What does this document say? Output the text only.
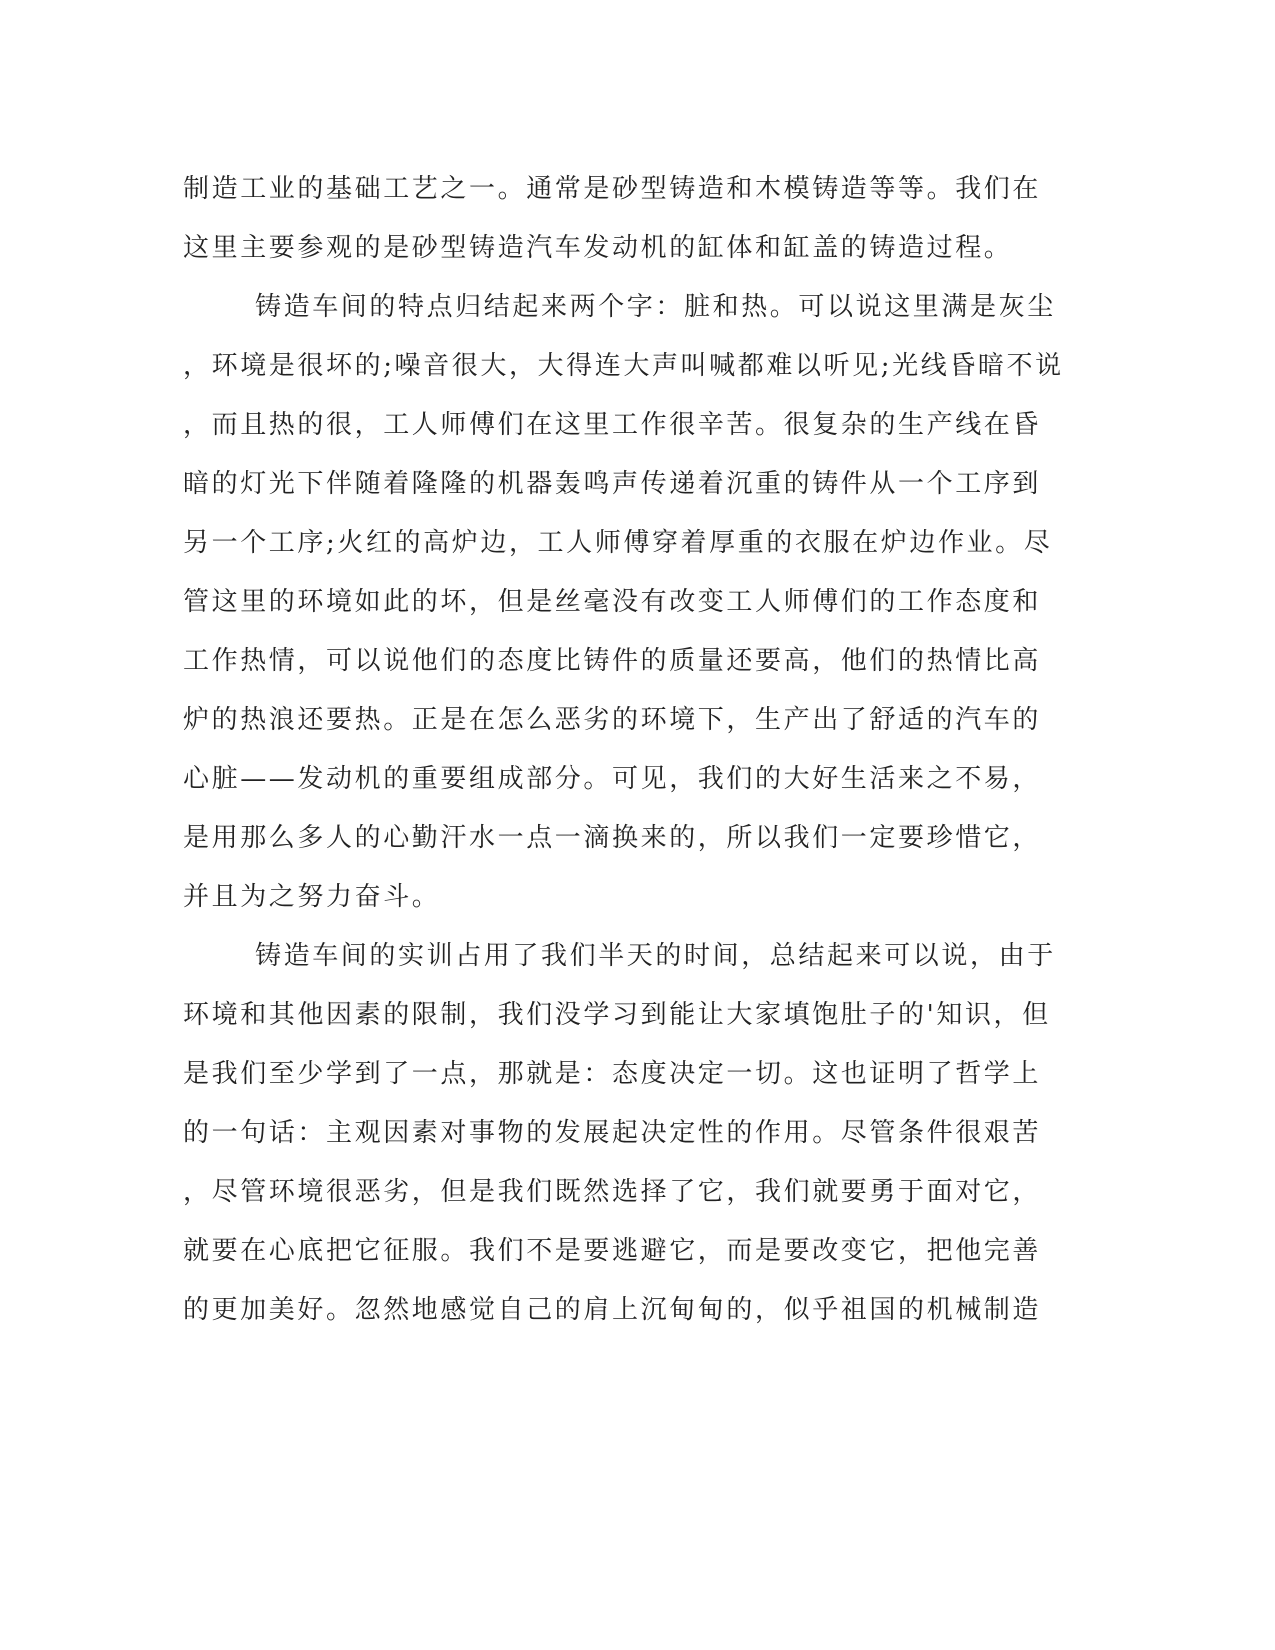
制造工业的基础工艺之一。通常是砂型铸造和木模铸造等等。我们在
这里主要参观的是砂型铸造汽车发动机的缸体和缸盖的铸造过程。
铸造车间的特点归结起来两个字：脏和热。可以说这里满是灰尘
，环境是很坏的;噪音很大，大得连大声叫喊都难以听见;光线昏暗不说
，而且热的很，工人师傅们在这里工作很辛苦。很复杂的生产线在昏
暗的灯光下伴随着隆隆的机器轰鸣声传递着沉重的铸件从一个工序到
另一个工序;火红的高炉边，工人师傅穿着厚重的衣服在炉边作业。尽
管这里的环境如此的坏，但是丝毫没有改变工人师傅们的工作态度和
工作热情，可以说他们的态度比铸件的质量还要高，他们的热情比高
炉的热浪还要热。正是在怎么恶劣的环境下，生产出了舒适的汽车的
心脏——发动机的重要组成部分。可见，我们的大好生活来之不易，
是用那么多人的心勤汗水一点一滴换来的，所以我们一定要珍惜它，
并且为之努力奋斗。
铸造车间的实训占用了我们半天的时间，总结起来可以说，由于
环境和其他因素的限制，我们没学习到能让大家填饱肚子的'知识，但
是我们至少学到了一点，那就是：态度决定一切。这也证明了哲学上
的一句话：主观因素对事物的发展起决定性的作用。尽管条件很艰苦
，尽管环境很恶劣，但是我们既然选择了它，我们就要勇于面对它，
就要在心底把它征服。我们不是要逃避它，而是要改变它，把他完善
的更加美好。忽然地感觉自己的肩上沉甸甸的，似乎祖国的机械制造
